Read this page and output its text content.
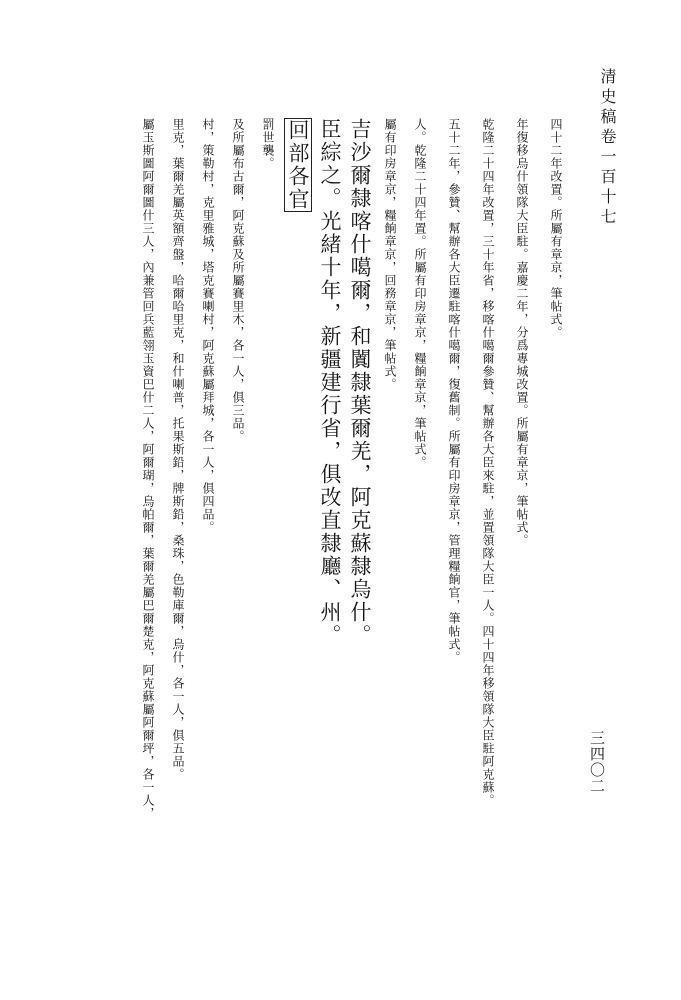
清史稿卷一百十七
三四〇二
四十二年改置。所屬有章京，筆帖式。
年復移烏什領隊大臣駐。嘉慶二年，分爲專城改置。所屬有章京，筆帖式。
乾隆二十四年改置，三十年省，移喀什噶爾參贊、幫辦各大臣來駐，並置領隊大臣一人。四十四年移領隊大臣駐阿克蘇。
五十二年，參贊、幫辦各大臣遷駐喀什噶爾，復舊制。所屬有印房章京，管理糧餉官，筆帖式。
人。乾隆二十四年置。所屬有印房章京，糧餉章京，筆帖式。
屬有印房章京，糧餉章京，回務章京，筆帖式。
吉沙爾隸喀什噶爾，和闐隸葉爾羌，阿克蘇隸烏什。
臣綜之。光緒十年，新疆建行省，俱改直隸廳、州。
回部各官
罰世襲。
及所屬布古爾，阿克蘇及所屬賽里木，各一人，俱三品。
村，策勒村，克里雅城，塔克賽喇村，阿克蘇屬拜城，各一人，俱四品。
里克，葉爾羌屬英額齊盤，哈爾哈里克，和什喇普，托果斯鉛，牌斯鉛，桑珠，色勒庫爾，烏什，各一人，俱五品。
屬玉斯圖阿爾圖什三人，內兼管回兵藍翎玉資巴什二人，阿爾瑚，烏帕爾，葉爾羌屬巴爾楚克，阿克蘇屬阿爾坪，各一人，
